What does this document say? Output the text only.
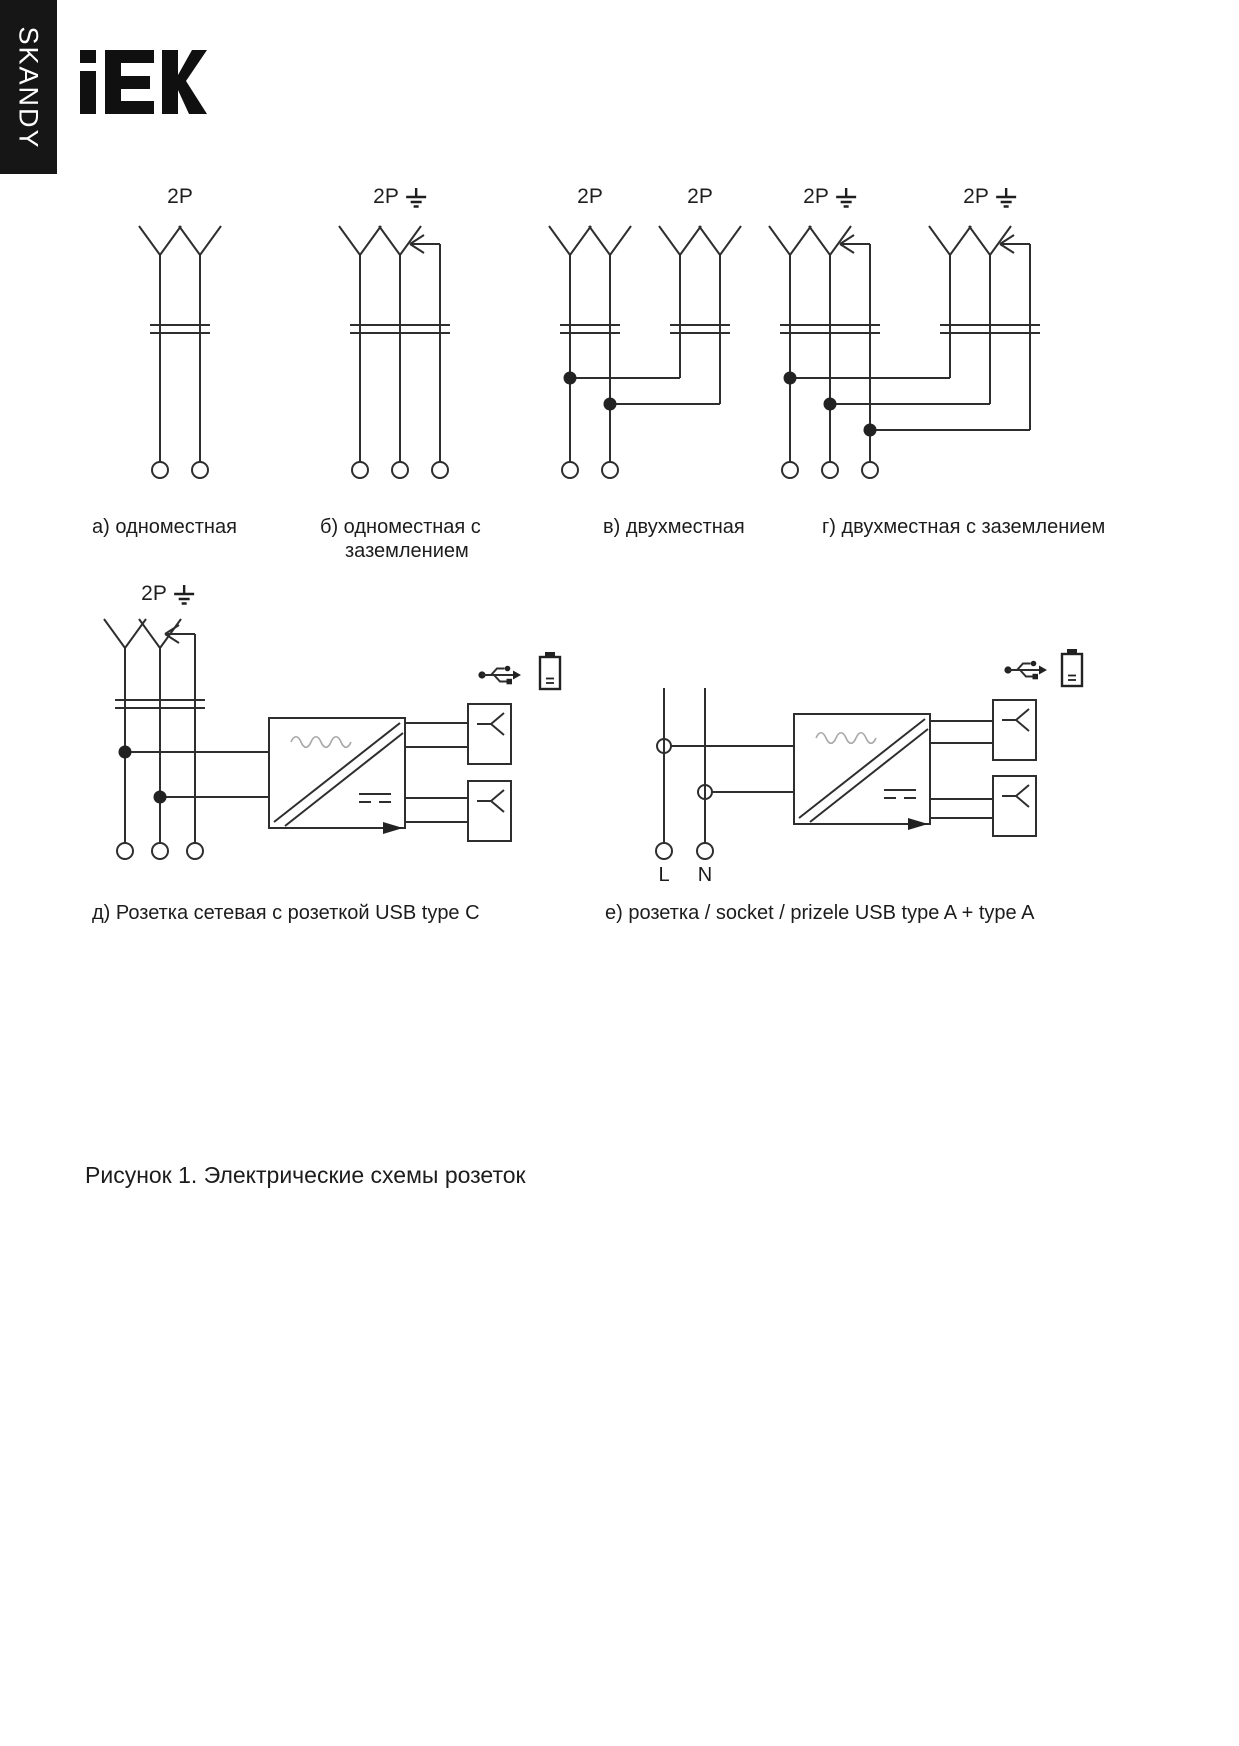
SKANDY
2P	2P	2P	2P	2P	2P
2P
а) одноместная	б) одноместная с
заземлением
в) двухместная	г) двухместная с заземлением
д) Розетка сетевая с розеткой USB type C	е) розетка / socket / prizele USB type A + type A
L N
Рисунок 1. Электрические схемы розеток
